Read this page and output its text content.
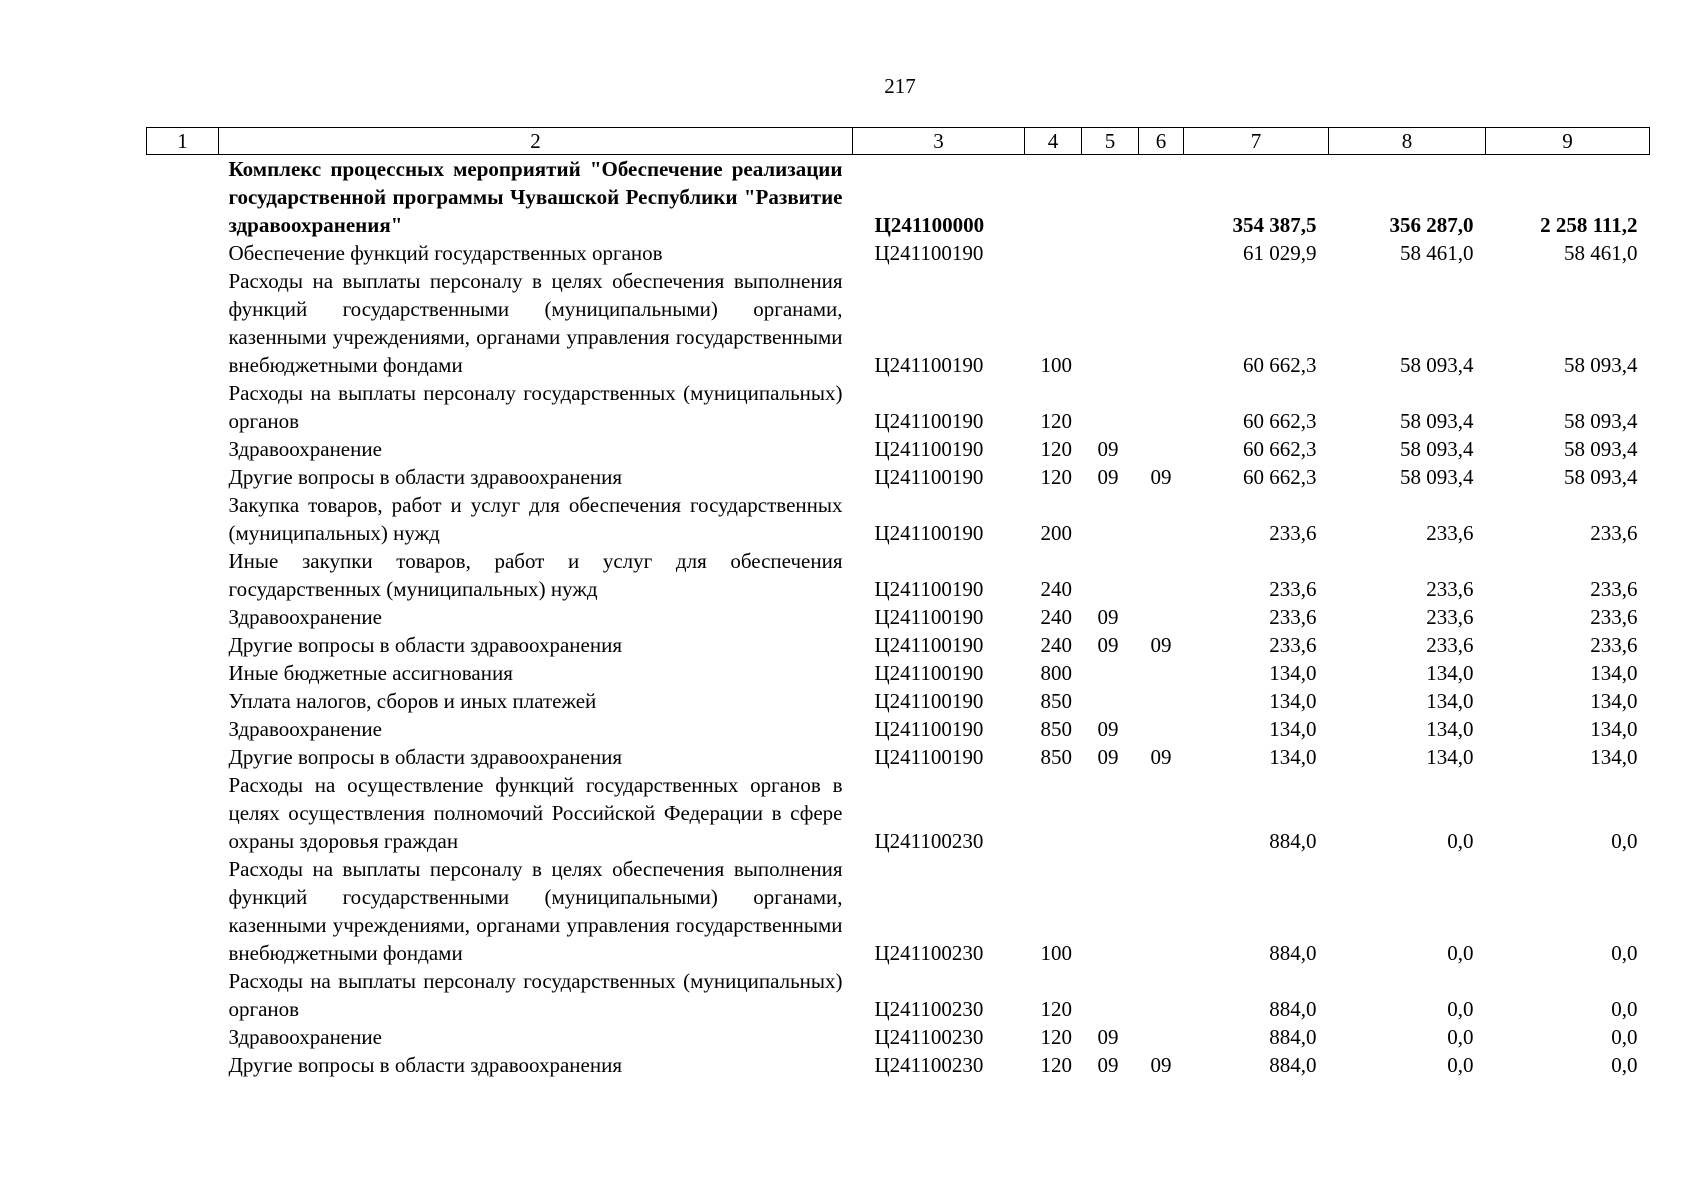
217
1	2	3	4	5	6	7	8	9
	Комплекс процессных мероприятий "Обеспечение реализации государственной программы Чувашской Республики "Развитие здравоохранения"	Ц241100000				354 387,5	356 287,0	2 258 111,2
	Обеспечение функций государственных органов	Ц241100190				61 029,9	58 461,0	58 461,0
	Расходы на выплаты персоналу в целях обеспечения выполнения функций государственными (муниципальными) органами, казенными учреждениями, органами управления государственными внебюджетными фондами	Ц241100190	100			60 662,3	58 093,4	58 093,4
	Расходы на выплаты персоналу государственных (муниципальных) органов	Ц241100190	120			60 662,3	58 093,4	58 093,4
	Здравоохранение	Ц241100190	120	09		60 662,3	58 093,4	58 093,4
	Другие вопросы в области здравоохранения	Ц241100190	120	09	09	60 662,3	58 093,4	58 093,4
	Закупка товаров, работ и услуг для обеспечения государственных (муниципальных) нужд	Ц241100190	200			233,6	233,6	233,6
	Иные закупки товаров, работ и услуг для обеспечения государственных (муниципальных) нужд	Ц241100190	240			233,6	233,6	233,6
	Здравоохранение	Ц241100190	240	09		233,6	233,6	233,6
	Другие вопросы в области здравоохранения	Ц241100190	240	09	09	233,6	233,6	233,6
	Иные бюджетные ассигнования	Ц241100190	800			134,0	134,0	134,0
	Уплата налогов, сборов и иных платежей	Ц241100190	850			134,0	134,0	134,0
	Здравоохранение	Ц241100190	850	09		134,0	134,0	134,0
	Другие вопросы в области здравоохранения	Ц241100190	850	09	09	134,0	134,0	134,0
	Расходы на осуществление функций государственных органов в целях осуществления полномочий Российской Федерации в сфере охраны здоровья граждан	Ц241100230				884,0	0,0	0,0
	Расходы на выплаты персоналу в целях обеспечения выполнения функций государственными (муниципальными) органами, казенными учреждениями, органами управления государственными внебюджетными фондами	Ц241100230	100			884,0	0,0	0,0
	Расходы на выплаты персоналу государственных (муниципальных) органов	Ц241100230	120			884,0	0,0	0,0
	Здравоохранение	Ц241100230	120	09		884,0	0,0	0,0
	Другие вопросы в области здравоохранения	Ц241100230	120	09	09	884,0	0,0	0,0
